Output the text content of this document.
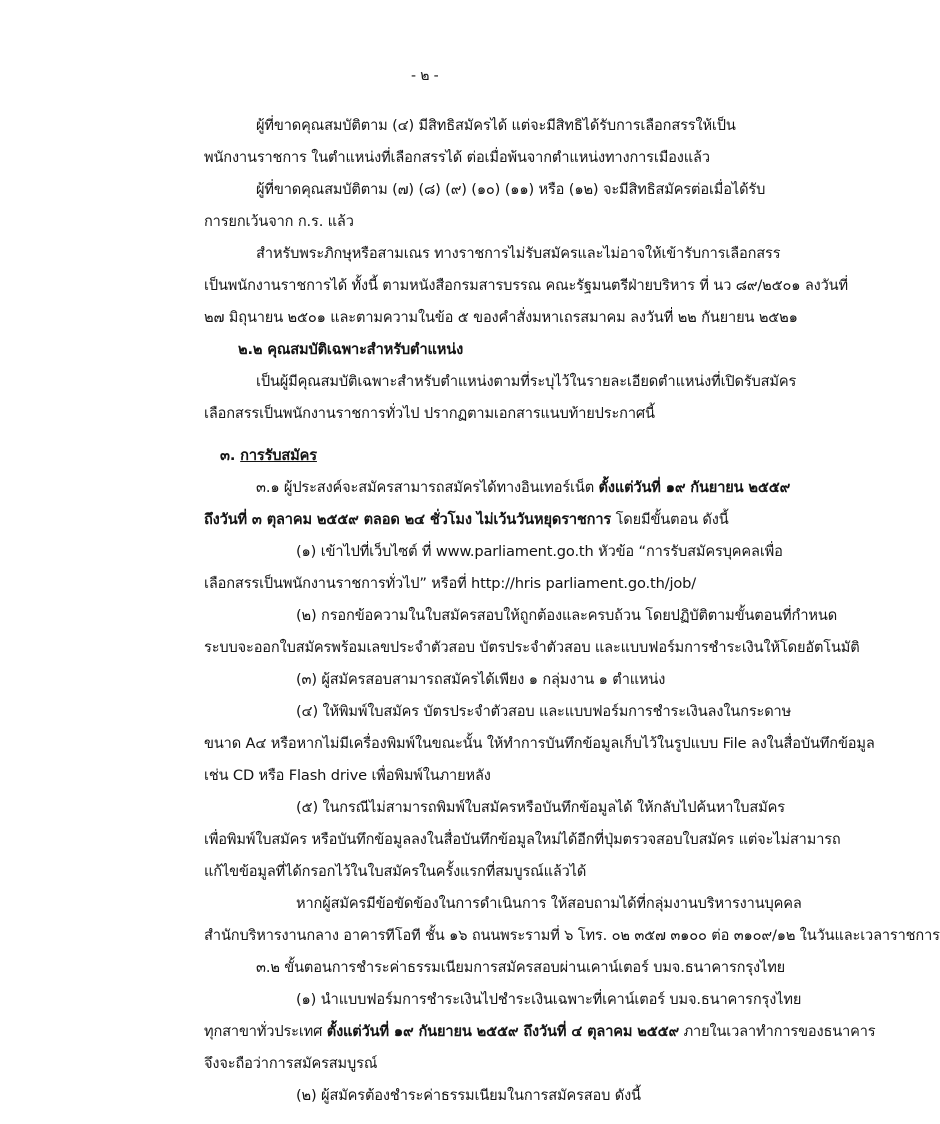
- ๒ -
ผู้ที่ขาดคุณสมบัติตาม (๔) มีสิทธิสมัครได้ แต่จะมีสิทธิได้รับการเลือกสรรให้เป็น
พนักงานราชการ ในตำแหน่งที่เลือกสรรได้ ต่อเมื่อพ้นจากตำแหน่งทางการเมืองแล้ว
ผู้ที่ขาดคุณสมบัติตาม (๗) (๘) (๙) (๑๐) (๑๑) หรือ (๑๒) จะมีสิทธิสมัครต่อเมื่อได้รับ
การยกเว้นจาก ก.ร. แล้ว
สำหรับพระภิกษุหรือสามเณร ทางราชการไม่รับสมัครและไม่อาจให้เข้ารับการเลือกสรร
เป็นพนักงานราชการได้ ทั้งนี้ ตามหนังสือกรมสารบรรณ คณะรัฐมนตรีฝ่ายบริหาร ที่ นว ๘๙/๒๕๐๑ ลงวันที่
๒๗ มิถุนายน ๒๕๐๑ และตามความในข้อ ๕ ของคำสั่งมหาเถรสมาคม ลงวันที่ ๒๒ กันยายน ๒๕๒๑
๒.๒ คุณสมบัติเฉพาะสำหรับตำแหน่ง
เป็นผู้มีคุณสมบัติเฉพาะสำหรับตำแหน่งตามที่ระบุไว้ในรายละเอียดตำแหน่งที่เปิดรับสมัคร
เลือกสรรเป็นพนักงานราชการทั่วไป ปรากฏตามเอกสารแนบท้ายประกาศนี้
๓. การรับสมัคร
๓.๑ ผู้ประสงค์จะสมัครสามารถสมัครได้ทางอินเทอร์เน็ต ตั้งแต่วันที่ ๑๙ กันยายน ๒๕๕๙
ถึงวันที่ ๓ ตุลาคม ๒๕๕๙ ตลอด ๒๔ ชั่วโมง ไม่เว้นวันหยุดราชการ โดยมีขั้นตอน ดังนี้
(๑) เข้าไปที่เว็บไซต์ ที่ www.parliament.go.th หัวข้อ “การรับสมัครบุคคลเพื่อ
เลือกสรรเป็นพนักงานราชการทั่วไป” หรือที่ http://hris parliament.go.th/job/
(๒) กรอกข้อความในใบสมัครสอบให้ถูกต้องและครบถ้วน โดยปฏิบัติตามขั้นตอนที่กำหนด
ระบบจะออกใบสมัครพร้อมเลขประจำตัวสอบ บัตรประจำตัวสอบ และแบบฟอร์มการชำระเงินให้โดยอัตโนมัติ
(๓) ผู้สมัครสอบสามารถสมัครได้เพียง ๑ กลุ่มงาน ๑ ตำแหน่ง
(๔) ให้พิมพ์ใบสมัคร บัตรประจำตัวสอบ และแบบฟอร์มการชำระเงินลงในกระดาษ
ขนาด A๔ หรือหากไม่มีเครื่องพิมพ์ในขณะนั้น ให้ทำการบันทึกข้อมูลเก็บไว้ในรูปแบบ File ลงในสื่อบันทึกข้อมูล
เช่น CD หรือ Flash drive เพื่อพิมพ์ในภายหลัง
(๕) ในกรณีไม่สามารถพิมพ์ใบสมัครหรือบันทึกข้อมูลได้ ให้กลับไปค้นหาใบสมัคร
เพื่อพิมพ์ใบสมัคร หรือบันทึกข้อมูลลงในสื่อบันทึกข้อมูลใหม่ได้อีกที่ปุ่มตรวจสอบใบสมัคร แต่จะไม่สามารถ
แก้ไขข้อมูลที่ได้กรอกไว้ในใบสมัครในครั้งแรกที่สมบูรณ์แล้วได้
หากผู้สมัครมีข้อขัดข้องในการดำเนินการ ให้สอบถามได้ที่กลุ่มงานบริหารงานบุคคล
สำนักบริหารงานกลาง อาคารทีโอที ชั้น ๑๖ ถนนพระรามที่ ๖ โทร. ๐๒ ๓๕๗ ๓๑๐๐ ต่อ ๓๑๐๙/๑๒ ในวันและเวลาราชการ
๓.๒ ขั้นตอนการชำระค่าธรรมเนียมการสมัครสอบผ่านเคาน์เตอร์ บมจ.ธนาคารกรุงไทย
(๑) นำแบบฟอร์มการชำระเงินไปชำระเงินเฉพาะที่เคาน์เตอร์ บมจ.ธนาคารกรุงไทย
ทุกสาขาทั่วประเทศ ตั้งแต่วันที่ ๑๙ กันยายน ๒๕๕๙ ถึงวันที่ ๔ ตุลาคม ๒๕๕๙ ภายในเวลาทำการของธนาคาร
จึงจะถือว่าการสมัครสมบูรณ์
(๒) ผู้สมัครต้องชำระค่าธรรมเนียมในการสมัครสอบ ดังนี้
